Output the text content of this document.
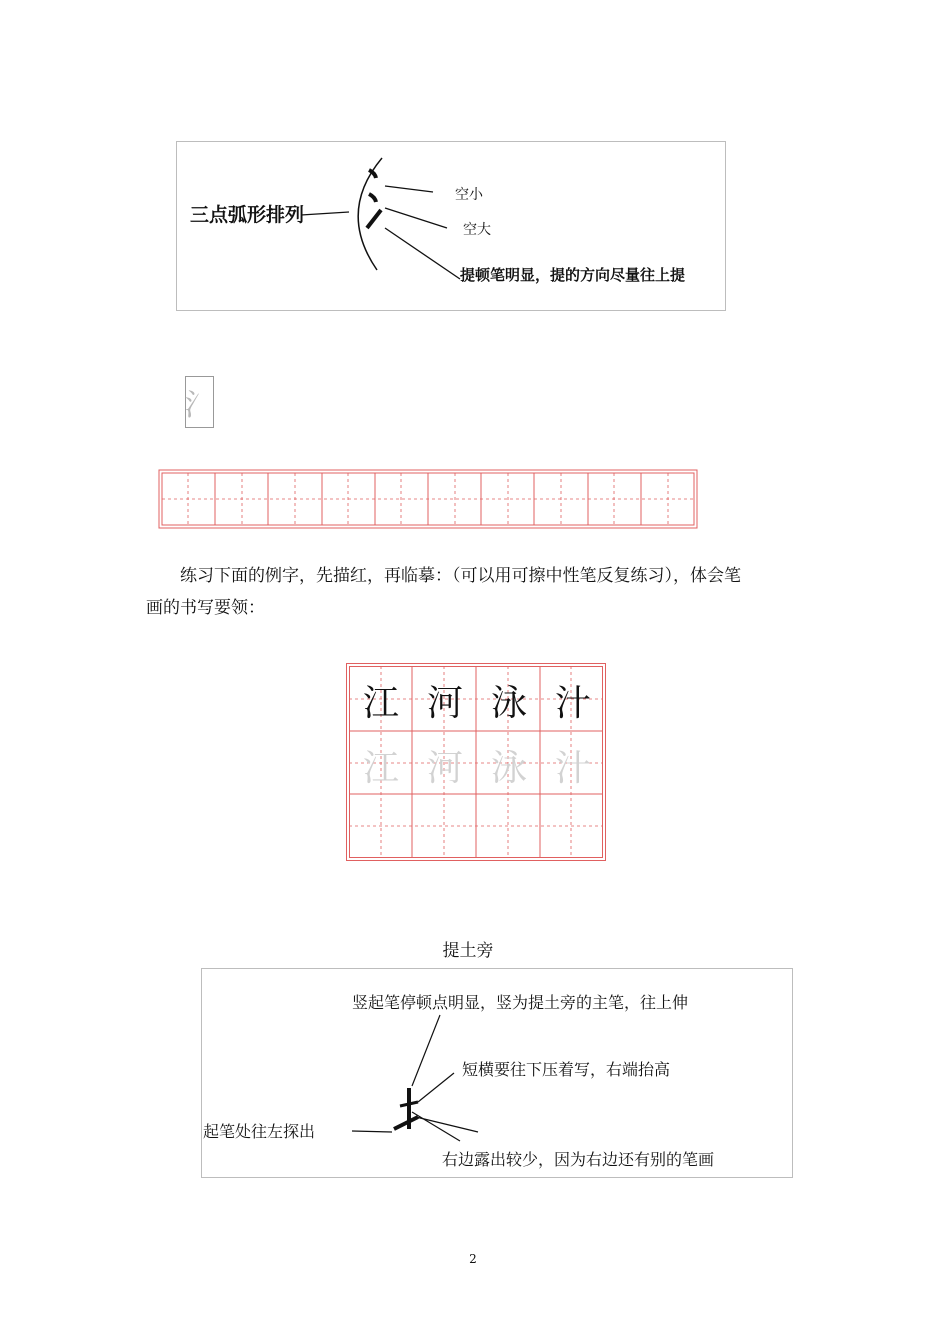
三点弧形排列
空小
空大
提顿笔明显，提的方向尽量往上提
氵
练习下面的例字，先描红，再临摹：（可以用可擦中性笔反复练习），体会笔
画的书写要领：
江 河 泳 汁
江 河 泳 汁
提土旁
竖起笔停顿点明显，竖为提土旁的主笔，往上伸
短横要往下压着写，右端抬高
起笔处往左探出
右边露出较少，因为右边还有别的笔画
2
